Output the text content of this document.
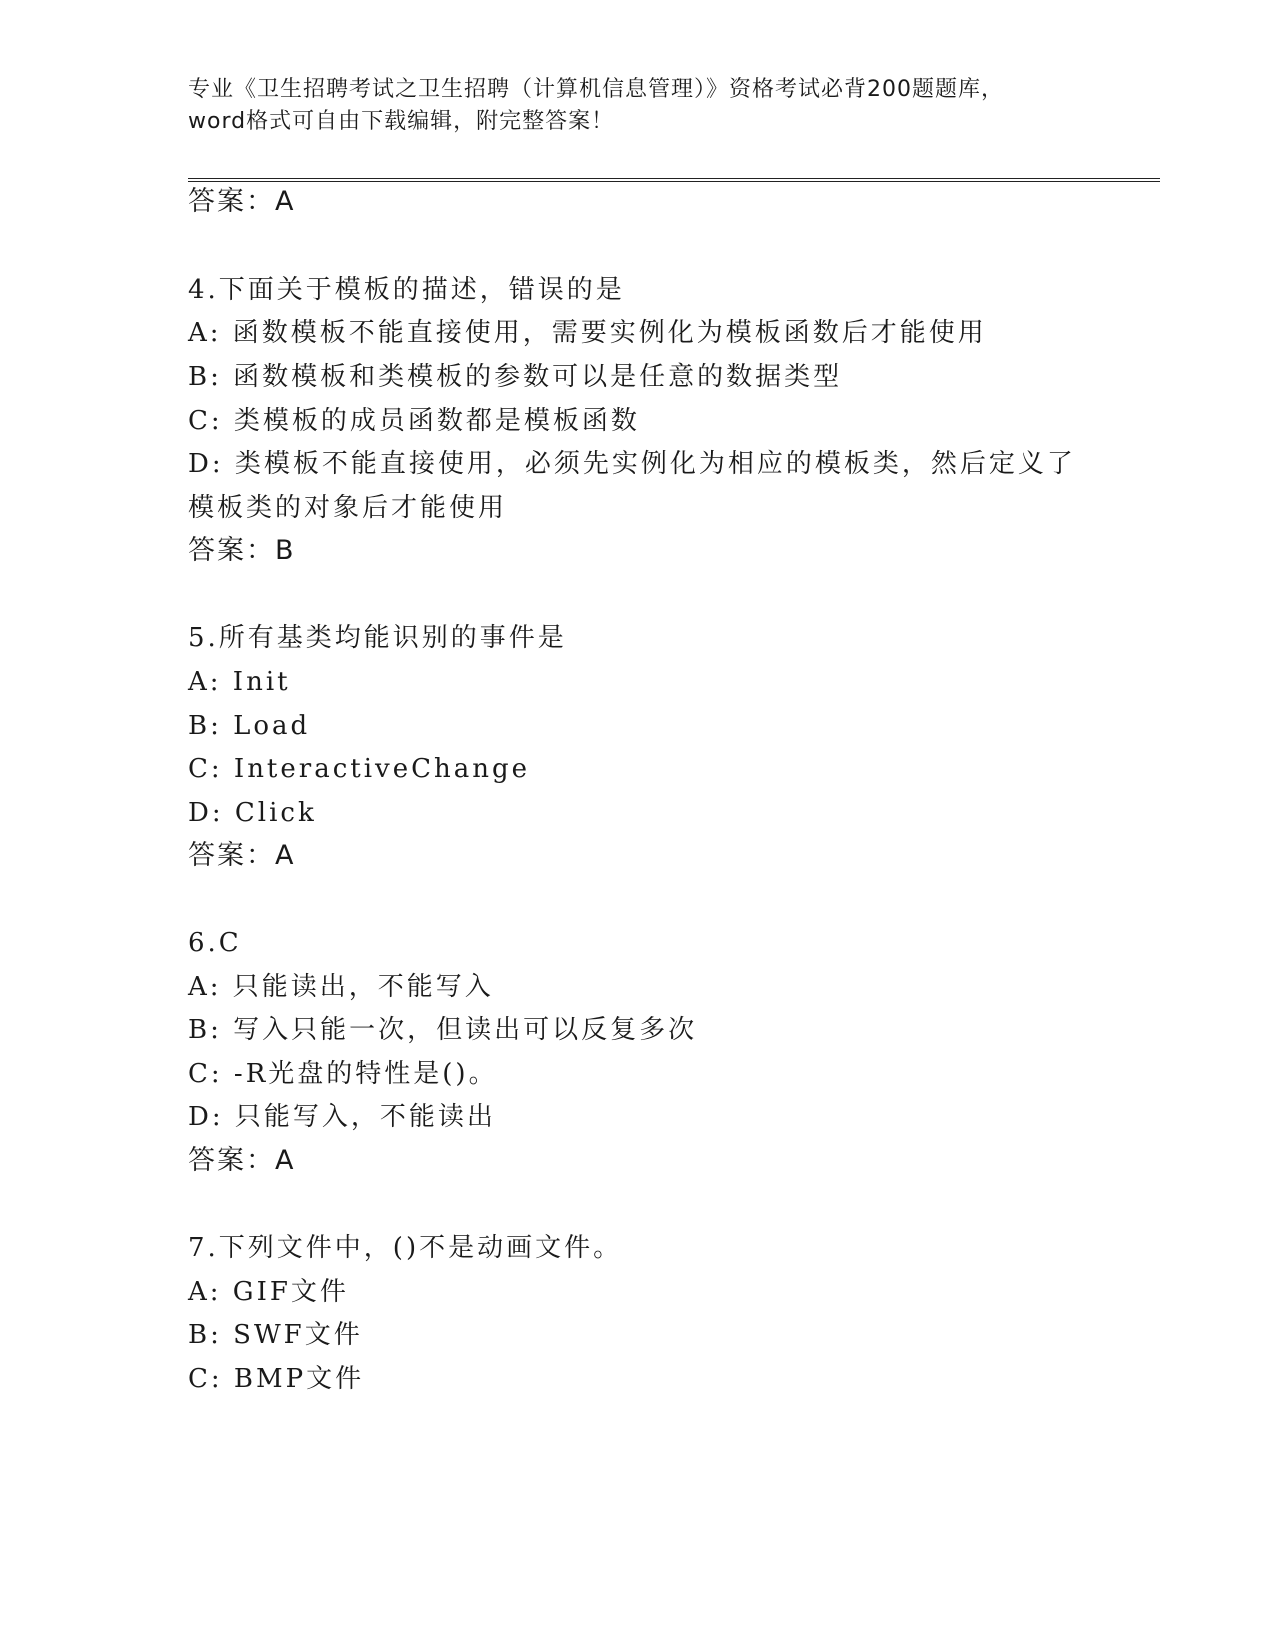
专业《卫生招聘考试之卫生招聘（计算机信息管理）》资格考试必背200题题库，
word格式可自由下载编辑，附完整答案！
答案：A
4.下面关于模板的描述，错误的是
A: 函数模板不能直接使用，需要实例化为模板函数后才能使用
B: 函数模板和类模板的参数可以是任意的数据类型
C: 类模板的成员函数都是模板函数
D: 类模板不能直接使用，必须先实例化为相应的模板类，然后定义了
模板类的对象后才能使用
答案：B
5.所有基类均能识别的事件是
A: Init
B: Load
C: InteractiveChange
D: Click
答案：A
6.C
A: 只能读出，不能写入
B: 写入只能一次，但读出可以反复多次
C: -R光盘的特性是()。
D: 只能写入，不能读出
答案：A
7.下列文件中，()不是动画文件。
A: GIF文件
B: SWF文件
C: BMP文件
